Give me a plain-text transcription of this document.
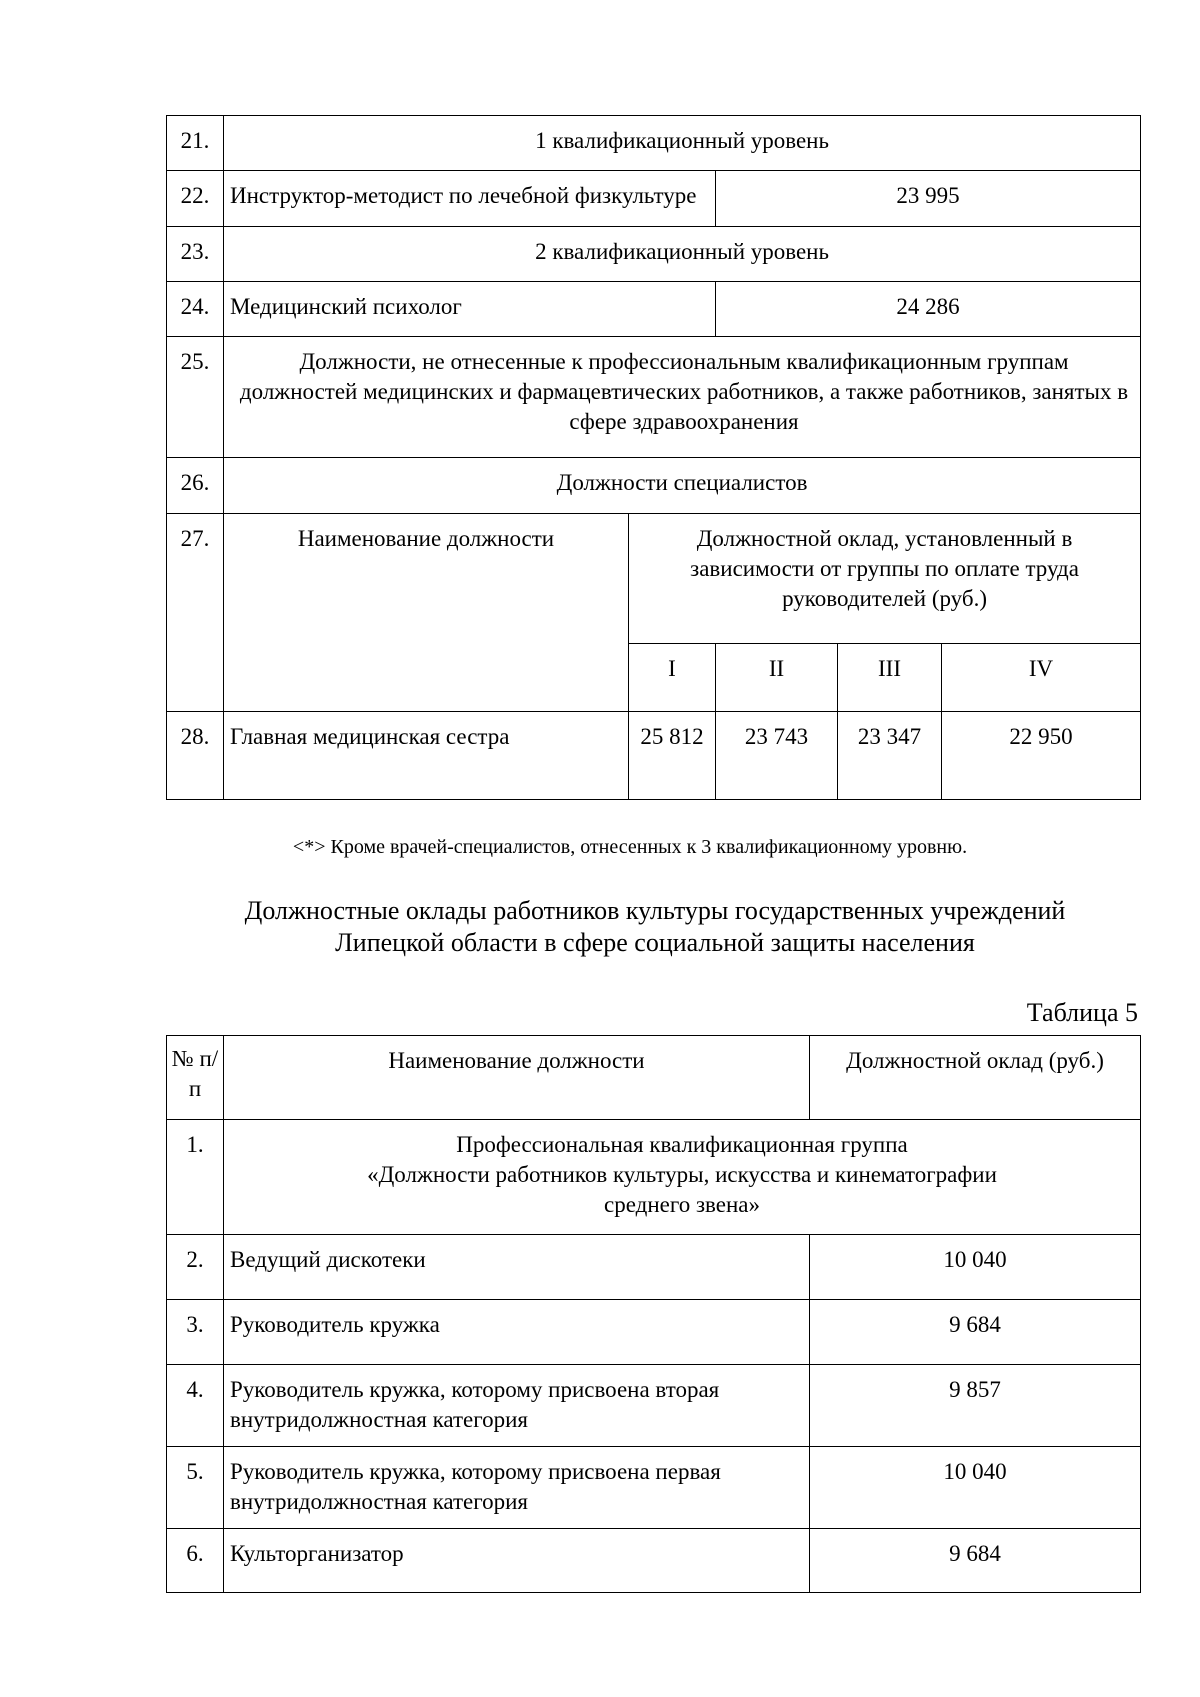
21.	1 квалификационный уровень				
22.	Инструктор-методист по лечебной физкультуре		23 995		
23.	2 квалификационный уровень				
24.	Медицинский психолог		24 286		
25.	Должности, не отнесенные к профессиональным квалификационным группам должностей медицинских и фармацевтических работников, а также работников, занятых в сфере здравоохранения				
26.	Должности специалистов				
27.	Наименование должности	Должностной оклад, установленный в зависимости от группы по оплате труда руководителей (руб.)			
		I	II	III	IV
28.	Главная медицинская сестра	25 812	23 743	23 347	22 950
<*> Кроме врачей-специалистов, отнесенных к 3 квалификационному уровню.
Должностные оклады работников культуры государственных учреждений
Липецкой области в сфере социальной защиты населения
Таблица 5
№ п/п	Наименование должности	Должностной оклад (руб.)
1.	Профессиональная квалификационная группа
«Должности работников культуры, искусства и кинематографии
среднего звена»	

2.	Ведущий дискотеки	10 040
3.	Руководитель кружка	9 684
4.	Руководитель кружка, которому присвоена вторая внутридолжностная категория	9 857
5.	Руководитель кружка, которому присвоена первая внутридолжностная категория	10 040
6.	Культорганизатор	9 684
